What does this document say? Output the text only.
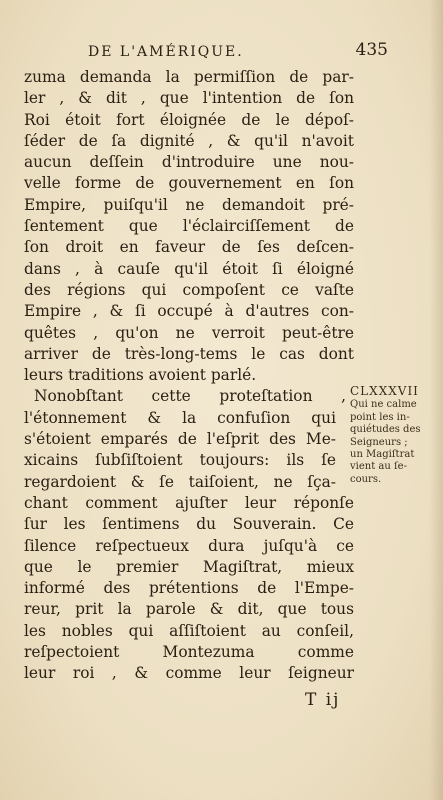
DE L'AMÉRIQUE.	435
zuma demanda la permiſſion de par-
ler , & dit , que l'intention de ſon
Roi étoit fort éloignée de le dépoſ-
ſéder de ſa dignité , & qu'il n'avoit
aucun deſſein d'introduire une nou-
velle forme de gouvernement en ſon
Empire, puiſqu'il ne demandoit pré-
ſentement que l'éclairciſſement de
ſon droit en faveur de ſes deſcen-
dans , à cauſe qu'il étoit ſi éloigné
des régions qui compoſent ce vaſte
Empire , & ſi occupé à d'autres con-
quêtes , qu'on ne verroit peut-être
arriver de très-long-tems le cas dont
leurs traditions avoient parlé.
Nonobſtant cette proteſtation ,
l'étonnement & la confuſion qui
s'étoient emparés de l'eſprit des Me-
xicains ſubſiſtoient toujours: ils ſe
regardoient & ſe taiſoient, ne ſça-
chant comment ajuſter leur réponſe
ſur les ſentimens du Souverain. Ce
ſilence reſpectueux dura juſqu'à ce
que le premier Magiſtrat, mieux
informé des prétentions de l'Empe-
reur, prit la parole & dit, que tous
les nobles qui aſſiſtoient au conſeil,
reſpectoient Montezuma comme
leur roi , & comme leur ſeigneur
CLXXXVII
Qui ne calme
point les in-
quiétudes des
Seigneurs ;
un Magiſtrat
vient au ſe-
cours.
T ij
